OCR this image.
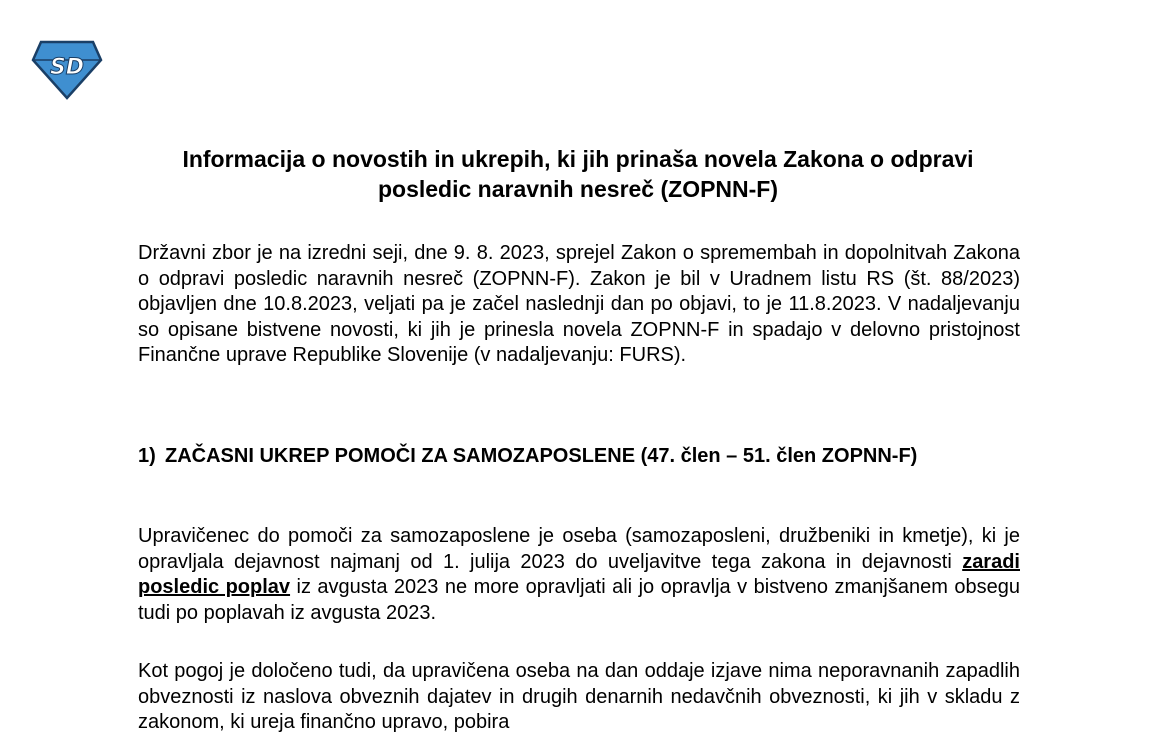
SD
Informacija o novostih in ukrepih, ki jih prinaša novela Zakona o odpravi posledic naravnih nesreč (ZOPNN-F)

Državni zbor je na izredni seji, dne 9. 8. 2023, sprejel Zakon o spremembah in dopolnitvah Zakona o odpravi posledic naravnih nesreč (ZOPNN-F). Zakon je bil v Uradnem listu RS (št. 88/2023) objavljen dne 10.8.2023, veljati pa je začel naslednji dan po objavi, to je 11.8.2023. V nadaljevanju so opisane bistvene novosti, ki jih je prinesla novela ZOPNN-F in spadajo v delovno pristojnost Finančne uprave Republike Slovenije (v nadaljevanju: FURS).

1) ZAČASNI UKREP POMOČI ZA SAMOZAPOSLENE (47. člen – 51. člen ZOPNN-F)

Upravičenec do pomoči za samozaposlene je oseba (samozaposleni, družbeniki in kmetje), ki je opravljala dejavnost najmanj od 1. julija 2023 do uveljavitve tega zakona in dejavnosti zaradi posledic poplav iz avgusta 2023 ne more opravljati ali jo opravlja v bistveno zmanjšanem obsegu tudi po poplavah iz avgusta 2023.

Kot pogoj je določeno tudi, da upravičena oseba na dan oddaje izjave nima neporavnanih zapadlih obveznosti iz naslova obveznih dajatev in drugih denarnih nedavčnih obveznosti, ki jih v skladu z zakonom, ki ureja finančno upravo, pobira
